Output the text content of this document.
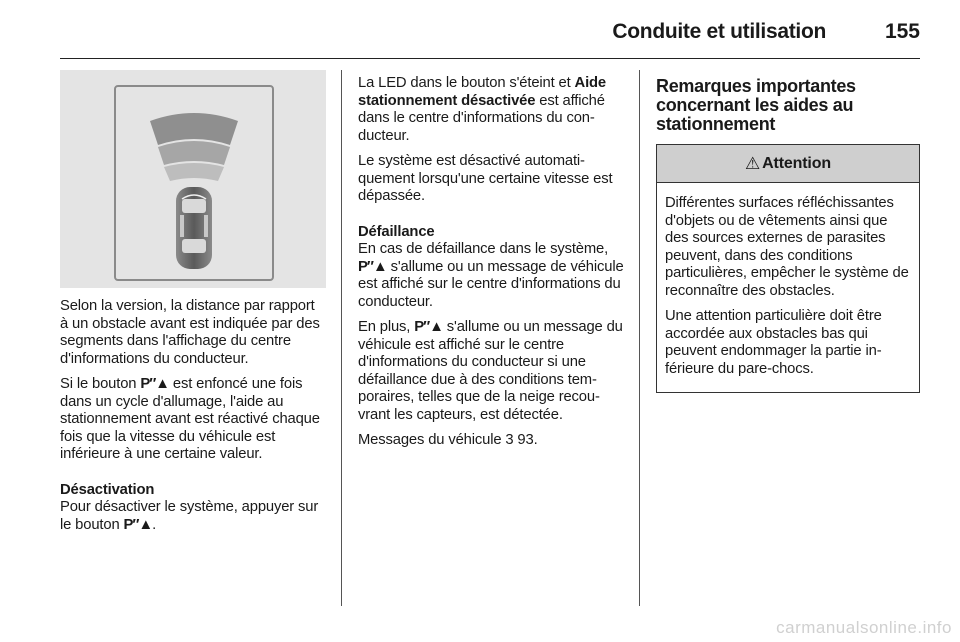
Conduite et utilisation	155

Selon la version, la distance par rapport à un obstacle avant est indiquée par des segments dans l'affichage du centre d'informations du conducteur.

Si le bouton P″▲ est enfoncé une fois dans un cycle d'allumage, l'aide au stationnement avant est réactivé chaque fois que la vitesse du véhicule est inférieure à une certaine valeur.

Désactivation
Pour désactiver le système, appuyer sur le bouton P″▲.

La LED dans le bouton s'éteint et Aide stationnement désactivée est affiché dans le centre d'informations du conducteur.

Le système est désactivé automatiquement lorsqu'une certaine vitesse est dépassée.

Défaillance
En cas de défaillance dans le système, P″▲ s'allume ou un message de véhicule est affiché sur le centre d'informations du conducteur.

En plus, P″▲ s'allume ou un message du véhicule est affiché sur le centre d'informations du conducteur si une défaillance due à des conditions temporaires, telles que de la neige recouvrant les capteurs, est détectée.

Messages du véhicule 3 93.

Remarques importantes concernant les aides au stationnement
⚠ Attention

Différentes surfaces réfléchissantes d'objets ou de vêtements ainsi que des sources externes de parasites peuvent, dans des conditions particulières, empêcher le système de reconnaître des obstacles.

Une attention particulière doit être accordée aux obstacles bas qui peuvent endommager la partie inférieure du pare-chocs.

carmanualsonline.info
